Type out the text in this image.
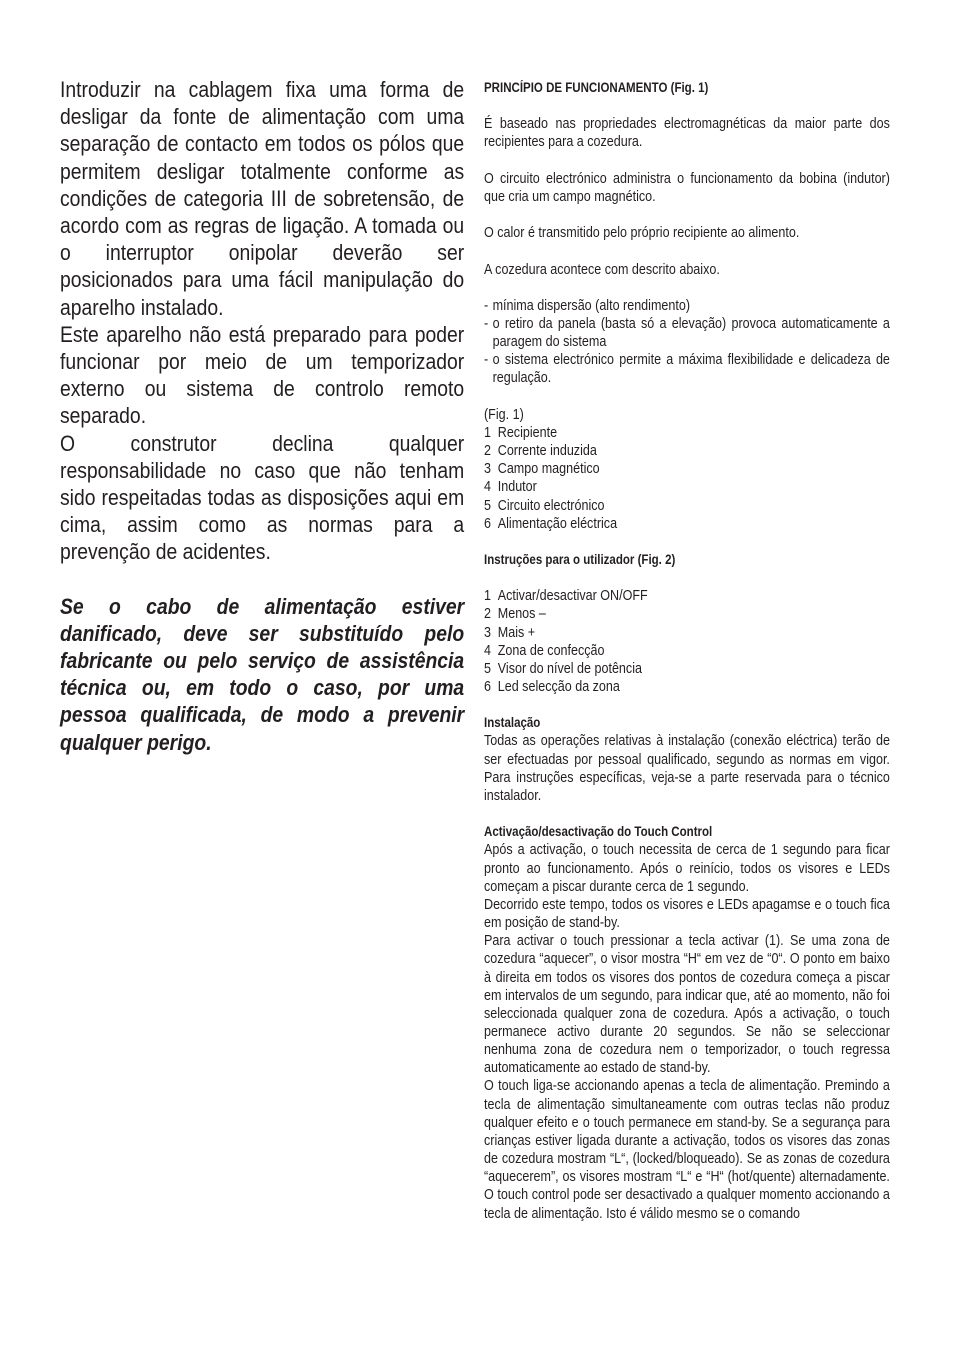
Introduzir na cablagem fixa uma forma de desligar da fonte de alimentação com uma separação de contacto em todos os pólos que permitem desligar totalmente conforme as condições de categoria III de sobretensão, de acordo com as regras de ligação. A tomada ou o interruptor onipolar deverão ser posicionados para uma fácil manipulação do aparelho instalado.

Este aparelho não está preparado para poder funcionar por meio de um temporizador externo ou sistema de controlo remoto separado.

O construtor declina qualquer responsabilidade no caso que não tenham sido respeitadas todas as disposições aqui em cima, assim como as normas para a prevenção de acidentes.

Se o cabo de alimentação estiver danificado, deve ser substituído pelo fabricante ou pelo serviço de assistência técnica ou, em todo o caso, por uma pessoa qualificada, de modo a prevenir qualquer perigo.

PRINCÍPIO DE FUNCIONAMENTO (Fig. 1)

É baseado nas propriedades electromagnéticas da maior parte dos recipientes para a cozedura.

O circuito electrónico administra o funcionamento da bobina (indutor) que cria um campo magnético.

O calor é transmitido pelo próprio recipiente ao alimento.

A cozedura acontece com descrito abaixo.

- mínima dispersão (alto rendimento)
- o retiro da panela (basta só a elevação) provoca automaticamente a paragem do sistema
- o sistema electrónico permite a máxima flexibilidade e delicadeza de regulação.

(Fig. 1)

1 Recipiente
2 Corrente induzida
3 Campo magnético
4 Indutor
5 Circuito electrónico
6 Alimentação eléctrica

Instruções para o utilizador (Fig. 2)

1 Activar/desactivar ON/OFF
2 Menos –
3 Mais +
4 Zona de confecção
5 Visor do nível de potência
6 Led selecção da zona

Instalação

Todas as operações relativas à instalação (conexão eléctrica) terão de ser efectuadas por pessoal qualificado, segundo as normas em vigor. Para instruções específicas, veja-se a parte reservada para o técnico instalador.

Activação/desactivação do Touch Control

Após a activação, o touch necessita de cerca de 1 segundo para ficar pronto ao funcionamento. Após o reinício, todos os visores e LEDs começam a piscar durante cerca de 1 segundo.

Decorrido este tempo, todos os visores e LEDs apagamse e o touch fica em posição de stand-by.

Para activar o touch pressionar a tecla activar (1). Se uma zona de cozedura “aquecer”, o visor mostra “H“ em vez de “0“. O ponto em baixo à direita em todos os visores dos pontos de cozedura começa a piscar em intervalos de um segundo, para indicar que, até ao momento, não foi seleccionada qualquer zona de cozedura. Após a activação, o touch permanece activo durante 20 segundos. Se não se seleccionar nenhuma zona de cozedura nem o temporizador, o touch regressa automaticamente ao estado de stand-by.

O touch liga-se accionando apenas a tecla de alimentação. Premindo a tecla de alimentação simultaneamente com outras teclas não produz qualquer efeito e o touch permanece em stand-by. Se a segurança para crianças estiver ligada durante a activação, todos os visores das zonas de cozedura mostram “L“, (locked/bloqueado). Se as zonas de cozedura “aquecerem”, os visores mostram “L“ e “H“ (hot/quente) alternadamente. O touch control pode ser desactivado a qualquer momento accionando a tecla de alimentação. Isto é válido mesmo se o comando
